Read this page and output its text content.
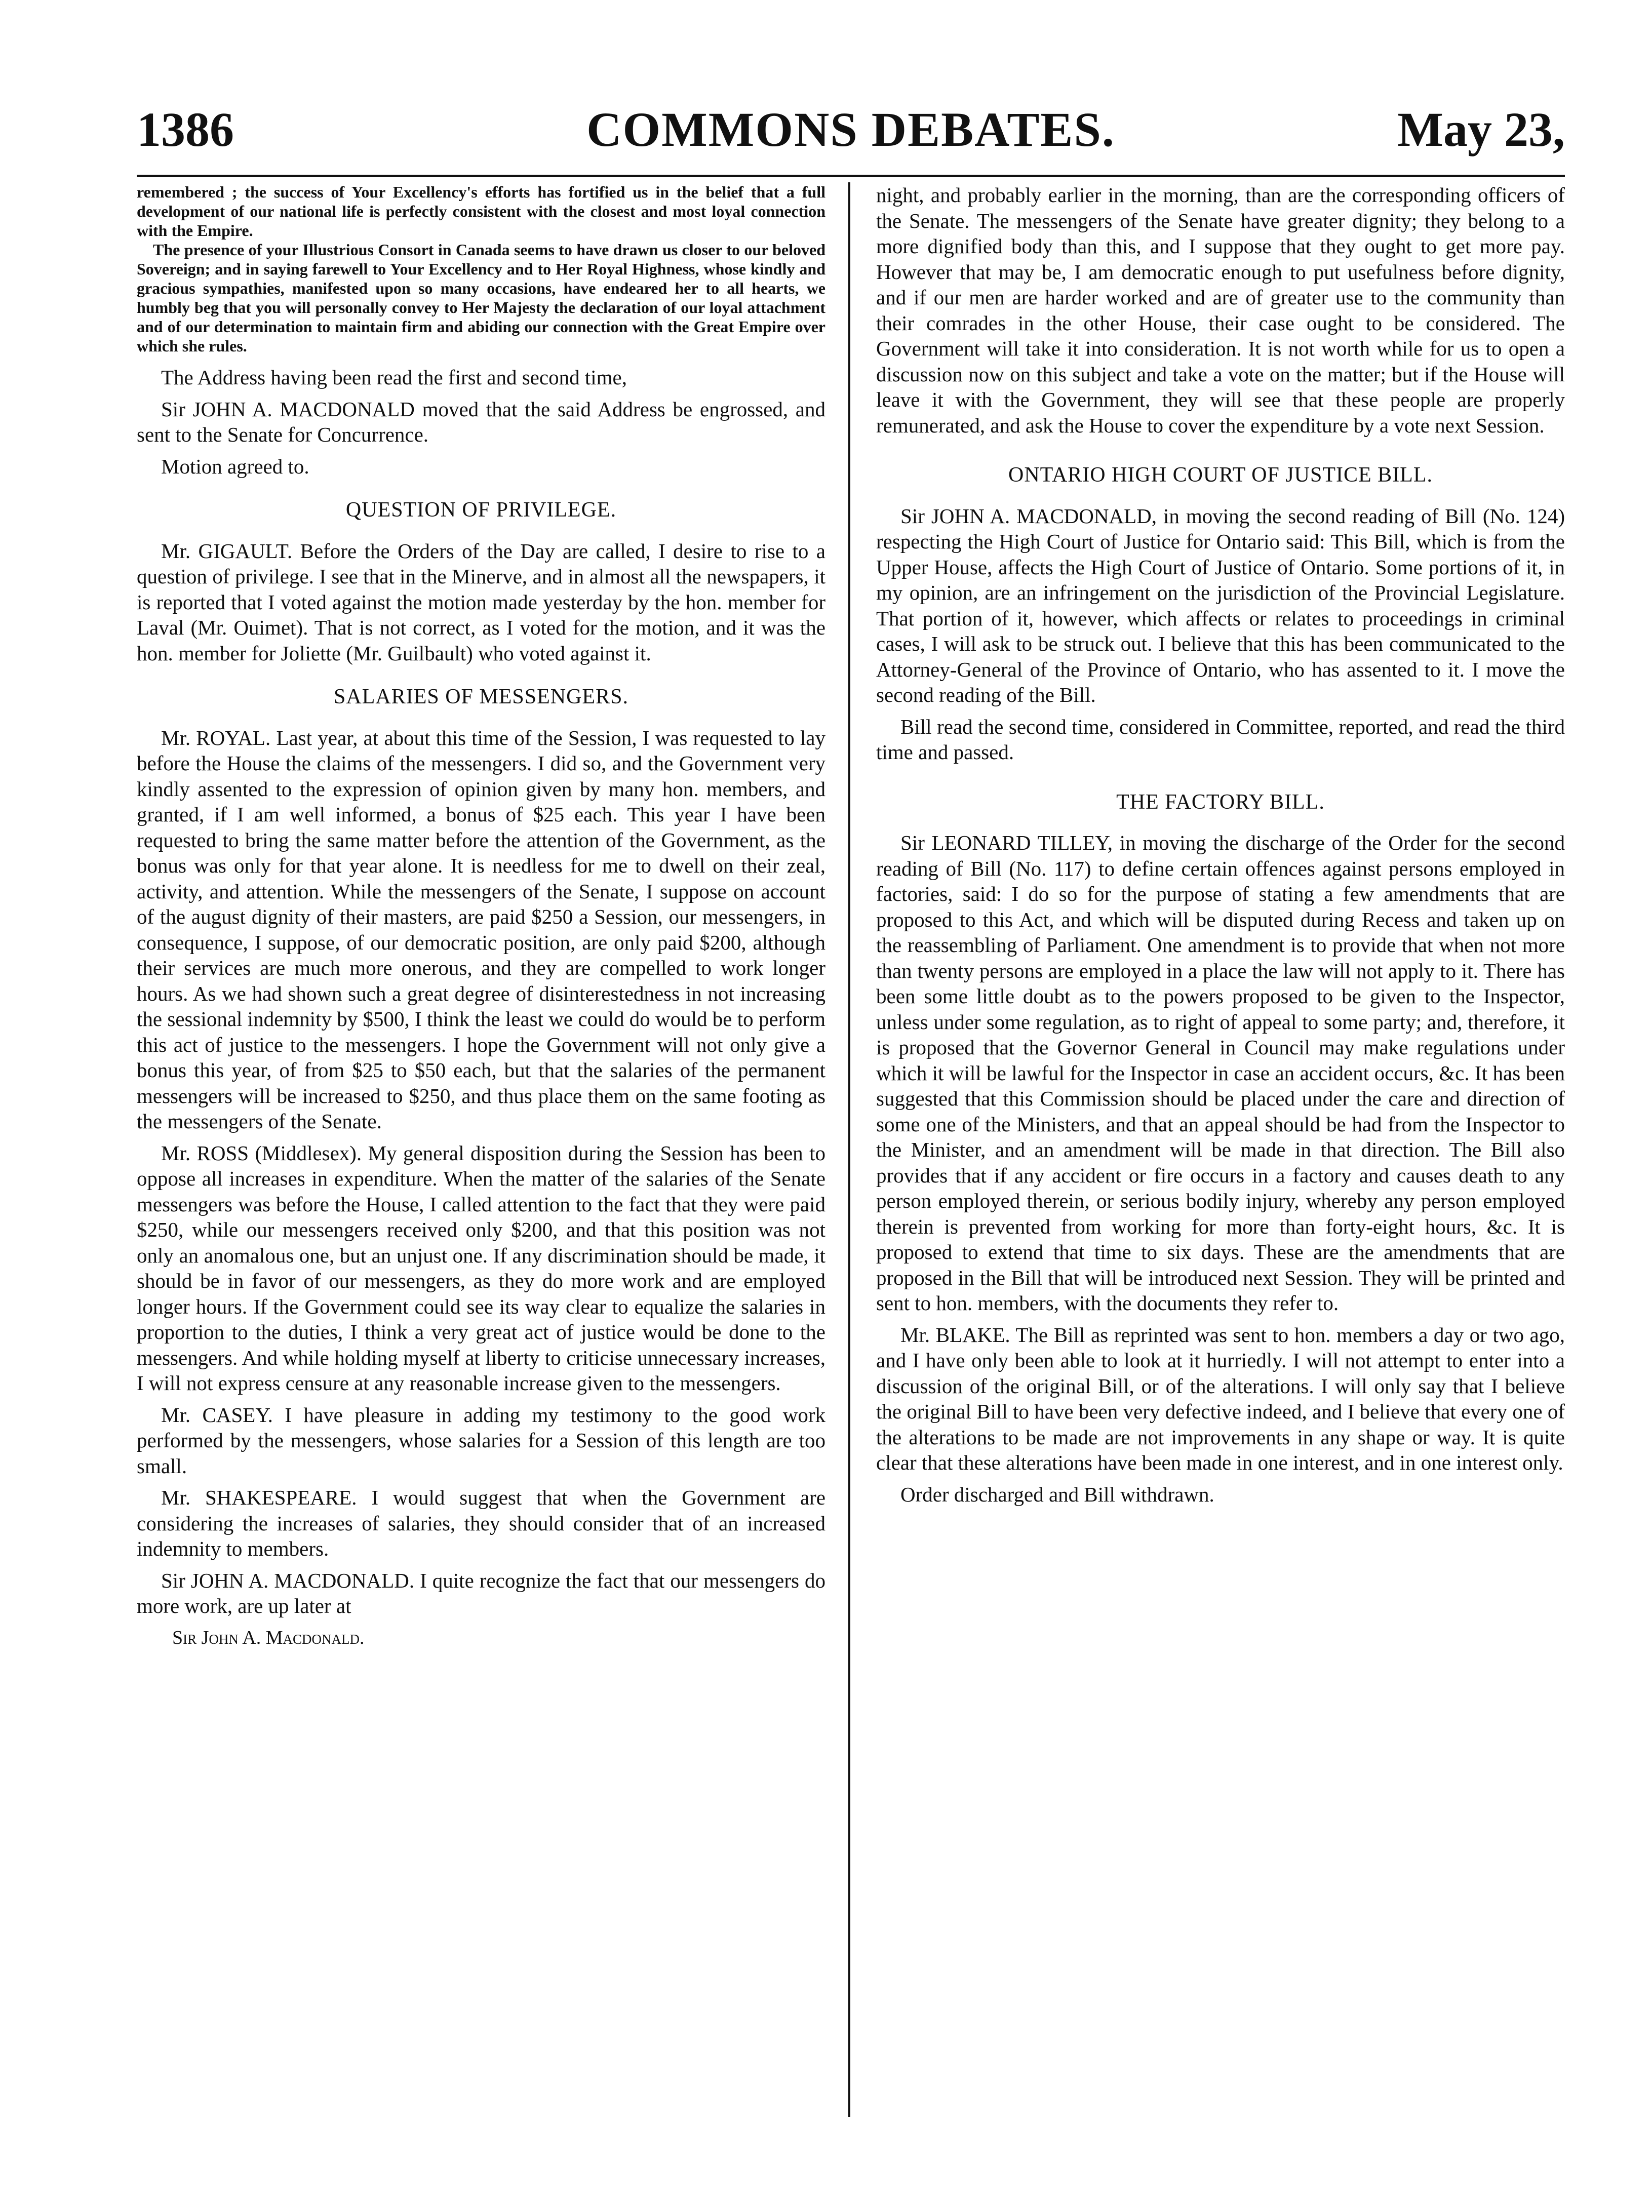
1386	COMMONS DEBATES.	May 23,

remembered ; the success of Your Excellency's efforts has fortified us in the belief that a full development of our national life is perfectly consistent with the closest and most loyal connection with the Empire.

The presence of your Illustrious Consort in Canada seems to have drawn us closer to our beloved Sovereign; and in saying farewell to Your Excellency and to Her Royal Highness, whose kindly and gracious sympathies, manifested upon so many occasions, have endeared her to all hearts, we humbly beg that you will personally convey to Her Majesty the declaration of our loyal attachment and of our determination to maintain firm and abiding our connection with the Great Empire over which she rules.

The Address having been read the first and second time,

Sir JOHN A. MACDONALD moved that the said Address be engrossed, and sent to the Senate for Concurrence.

Motion agreed to.

QUESTION OF PRIVILEGE.

Mr. GIGAULT. Before the Orders of the Day are called, I desire to rise to a question of privilege. I see that in the Minerve, and in almost all the newspapers, it is reported that I voted against the motion made yesterday by the hon. member for Laval (Mr. Ouimet). That is not correct, as I voted for the motion, and it was the hon. member for Joliette (Mr. Guilbault) who voted against it.

SALARIES OF MESSENGERS.

Mr. ROYAL. Last year, at about this time of the Session, I was requested to lay before the House the claims of the messengers. I did so, and the Government very kindly assented to the expression of opinion given by many hon. members, and granted, if I am well informed, a bonus of $25 each. This year I have been requested to bring the same matter before the attention of the Government, as the bonus was only for that year alone. It is needless for me to dwell on their zeal, activity, and attention. While the messengers of the Senate, I suppose on account of the august dignity of their masters, are paid $250 a Session, our messengers, in consequence, I suppose, of our democratic position, are only paid $200, although their services are much more onerous, and they are compelled to work longer hours. As we had shown such a great degree of disinterestedness in not increasing the sessional indemnity by $500, I think the least we could do would be to perform this act of justice to the messengers. I hope the Government will not only give a bonus this year, of from $25 to $50 each, but that the salaries of the permanent messengers will be increased to $250, and thus place them on the same footing as the messengers of the Senate.

Mr. ROSS (Middlesex). My general disposition during the Session has been to oppose all increases in expenditure. When the matter of the salaries of the Senate messengers was before the House, I called attention to the fact that they were paid $250, while our messengers received only $200, and that this position was not only an anomalous one, but an unjust one. If any discrimination should be made, it should be in favor of our messengers, as they do more work and are employed longer hours. If the Government could see its way clear to equalize the salaries in proportion to the duties, I think a very great act of justice would be done to the messengers. And while holding myself at liberty to criticise unnecessary increases, I will not express censure at any reasonable increase given to the messengers.

Mr. CASEY. I have pleasure in adding my testimony to the good work performed by the messengers, whose salaries for a Session of this length are too small.

Mr. SHAKESPEARE. I would suggest that when the Government are considering the increases of salaries, they should consider that of an increased indemnity to members.

Sir JOHN A. MACDONALD. I quite recognize the fact that our messengers do more work, are up later at

Sir John A. Macdonald.

night, and probably earlier in the morning, than are the corresponding officers of the Senate. The messengers of the Senate have greater dignity; they belong to a more dignified body than this, and I suppose that they ought to get more pay. However that may be, I am democratic enough to put usefulness before dignity, and if our men are harder worked and are of greater use to the community than their comrades in the other House, their case ought to be considered. The Government will take it into consideration. It is not worth while for us to open a discussion now on this subject and take a vote on the matter; but if the House will leave it with the Government, they will see that these people are properly remunerated, and ask the House to cover the expenditure by a vote next Session.

ONTARIO HIGH COURT OF JUSTICE BILL.

Sir JOHN A. MACDONALD, in moving the second reading of Bill (No. 124) respecting the High Court of Justice for Ontario said: This Bill, which is from the Upper House, affects the High Court of Justice of Ontario. Some portions of it, in my opinion, are an infringement on the jurisdiction of the Provincial Legislature. That portion of it, however, which affects or relates to proceedings in criminal cases, I will ask to be struck out. I believe that this has been communicated to the Attorney-General of the Province of Ontario, who has assented to it. I move the second reading of the Bill.

Bill read the second time, considered in Committee, reported, and read the third time and passed.

THE FACTORY BILL.

Sir LEONARD TILLEY, in moving the discharge of the Order for the second reading of Bill (No. 117) to define certain offences against persons employed in factories, said: I do so for the purpose of stating a few amendments that are proposed to this Act, and which will be disputed during Recess and taken up on the reassembling of Parliament. One amendment is to provide that when not more than twenty persons are employed in a place the law will not apply to it. There has been some little doubt as to the powers proposed to be given to the Inspector, unless under some regulation, as to right of appeal to some party; and, therefore, it is proposed that the Governor General in Council may make regulations under which it will be lawful for the Inspector in case an accident occurs, &c. It has been suggested that this Commission should be placed under the care and direction of some one of the Ministers, and that an appeal should be had from the Inspector to the Minister, and an amendment will be made in that direction. The Bill also provides that if any accident or fire occurs in a factory and causes death to any person employed therein, or serious bodily injury, whereby any person employed therein is prevented from working for more than forty-eight hours, &c. It is proposed to extend that time to six days. These are the amendments that are proposed in the Bill that will be introduced next Session. They will be printed and sent to hon. members, with the documents they refer to.

Mr. BLAKE. The Bill as reprinted was sent to hon. members a day or two ago, and I have only been able to look at it hurriedly. I will not attempt to enter into a discussion of the original Bill, or of the alterations. I will only say that I believe the original Bill to have been very defective indeed, and I believe that every one of the alterations to be made are not improvements in any shape or way. It is quite clear that these alterations have been made in one interest, and in one interest only.

Order discharged and Bill withdrawn.
